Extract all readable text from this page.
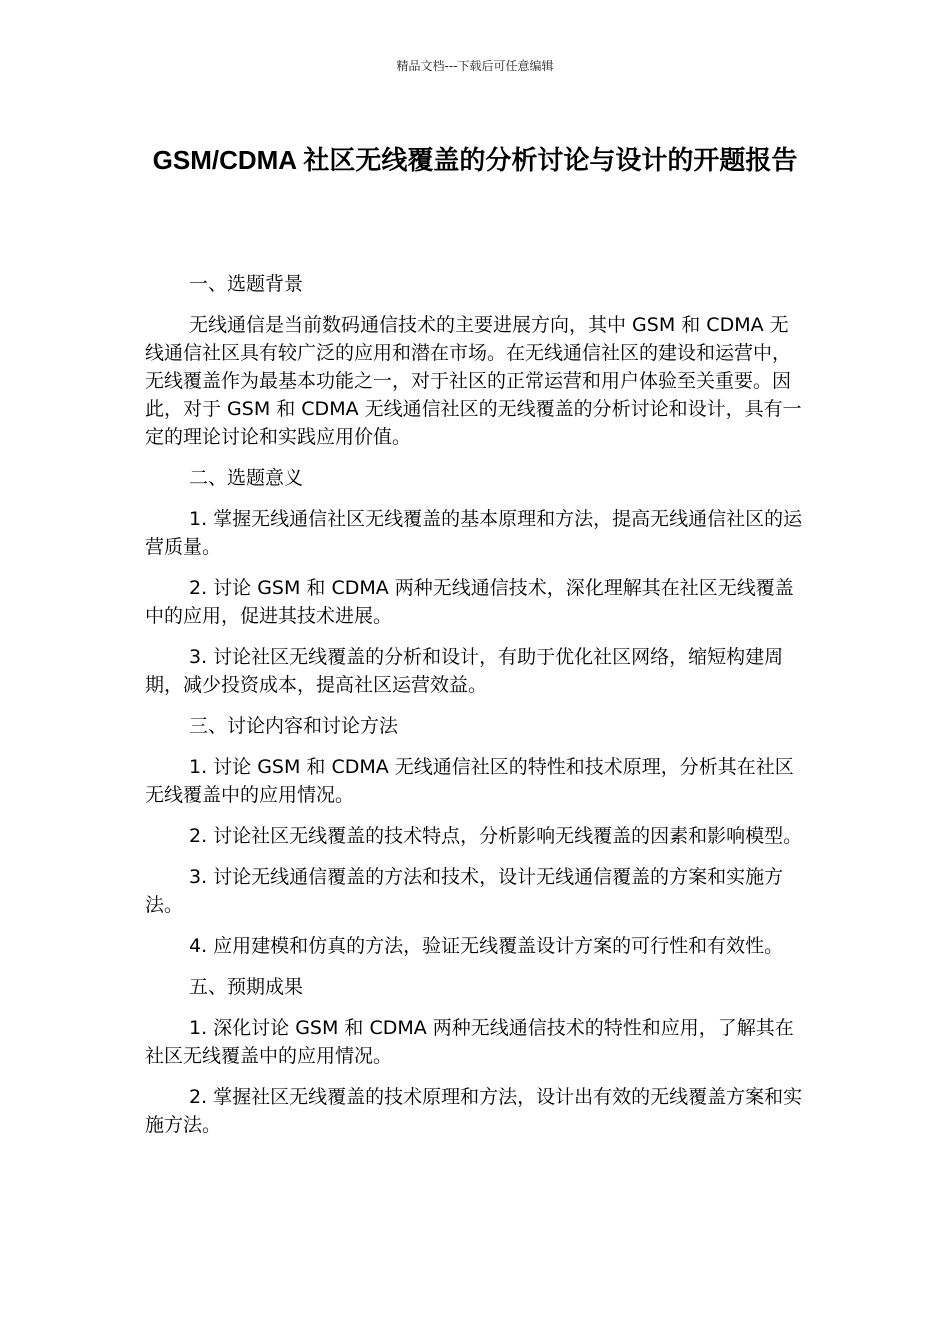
精品文档---下载后可任意编辑
GSM/CDMA 社区无线覆盖的分析讨论与设计的开题报告
一、选题背景

无线通信是当前数码通信技术的主要进展方向，其中 GSM 和 CDMA 无线通信社区具有较广泛的应用和潜在市场。在无线通信社区的建设和运营中，无线覆盖作为最基本功能之一，对于社区的正常运营和用户体验至关重要。因此，对于 GSM 和 CDMA 无线通信社区的无线覆盖的分析讨论和设计，具有一定的理论讨论和实践应用价值。

二、选题意义

1. 掌握无线通信社区无线覆盖的基本原理和方法，提高无线通信社区的运营质量。

2. 讨论 GSM 和 CDMA 两种无线通信技术，深化理解其在社区无线覆盖中的应用，促进其技术进展。

3. 讨论社区无线覆盖的分析和设计，有助于优化社区网络，缩短构建周期，减少投资成本，提高社区运营效益。

三、讨论内容和讨论方法

1. 讨论 GSM 和 CDMA 无线通信社区的特性和技术原理，分析其在社区无线覆盖中的应用情况。

2. 讨论社区无线覆盖的技术特点，分析影响无线覆盖的因素和影响模型。

3. 讨论无线通信覆盖的方法和技术，设计无线通信覆盖的方案和实施方法。

4. 应用建模和仿真的方法，验证无线覆盖设计方案的可行性和有效性。

五、预期成果

1. 深化讨论 GSM 和 CDMA 两种无线通信技术的特性和应用，了解其在社区无线覆盖中的应用情况。

2. 掌握社区无线覆盖的技术原理和方法，设计出有效的无线覆盖方案和实施方法。
